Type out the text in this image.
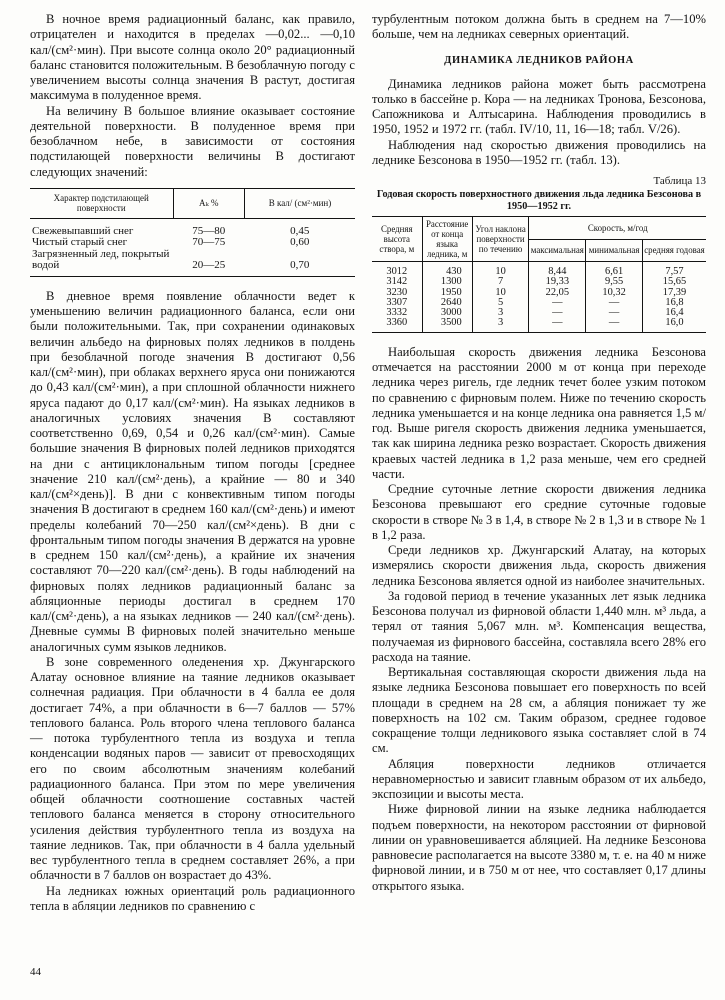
В ночное время радиационный баланс, как правило, отрицателен и находится в пределах —0,02... —0,10 кал/(см²·мин). При высоте солнца около 20° радиационный баланс становится положительным. В безоблачную погоду с увеличением высоты солнца значения B растут, достигая максимума в полуденное время.

На величину B большое влияние оказывает состояние деятельной поверхности. В полуденное время при безоблачном небе, в зависимости от состояния подстилающей поверхности величины B достигают следующих значений:

Характер подстилающей поверхности	Aₖ %	B кал/ (см²·мин)
Свежевыпавший снег	75—80	0,45
Чистый старый снег	70—75	0,60
Загрязненный лед, покрытый водой	20—25	0,70

В дневное время появление облачности ведет к уменьшению величин радиационного баланса, если они были положительными. Так, при сохранении одинаковых величин альбедо на фирновых полях ледников в полдень при безоблачной погоде значения B достигают 0,56 кал/(см²·мин), при облаках верхнего яруса они понижаются до 0,43 кал/(см²·мин), а при сплошной облачности нижнего яруса падают до 0,17 кал/(см²·мин). На языках ледников в аналогичных условиях значения B составляют соответственно 0,69, 0,54 и 0,26 кал/(см²·мин). Самые большие значения B фирновых полей ледников приходятся на дни с антициклональным типом погоды [среднее значение 210 кал/(см²·день), а крайние — 80 и 340 кал/(см²×день)]. В дни с конвективным типом погоды значения B достигают в среднем 160 кал/(см²·день) и имеют пределы колебаний 70—250 кал/(см²×день). В дни с фронтальным типом погоды значения B держатся на уровне в среднем 150 кал/(см²·день), а крайние их значения составляют 70—220 кал/(см²·день). В годы наблюдений на фирновых полях ледников радиационный баланс за абляционные периоды достигал в среднем 170 кал/(см²·день), а на языках ледников — 240 кал/(см²·день). Дневные суммы B фирновых полей значительно меньше аналогичных сумм языков ледников.

В зоне современного оледенения хр. Джунгарского Алатау основное влияние на таяние ледников оказывает солнечная радиация. При облачности в 4 балла ее доля достигает 74%, а при облачности в 6—7 баллов — 57% теплового баланса. Роль второго члена теплового баланса — потока турбулентного тепла из воздуха и тепла конденсации водяных паров — зависит от превосходящих его по своим абсолютным значениям колебаний радиационного баланса. При этом по мере увеличения общей облачности соотношение составных частей теплового баланса меняется в сторону относительного усиления действия турбулентного тепла из воздуха на таяние ледников. Так, при облачности в 4 балла удельный вес турбулентного тепла в среднем составляет 26%, а при облачности в 7 баллов он возрастает до 43%.

На ледниках южных ориентаций роль радиационного тепла в абляции ледников по сравнению с

турбулентным потоком должна быть в среднем на 7—10% больше, чем на ледниках северных ориентаций.

ДИНАМИКА ЛЕДНИКОВ РАЙОНА

Динамика ледников района может быть рассмотрена только в бассейне р. Кора — на ледниках Тронова, Безсонова, Сапожникова и Алтысарина. Наблюдения проводились в 1950, 1952 и 1972 гг. (табл. IV/10, 11, 16—18; табл. V/26).

Наблюдения над скоростью движения проводились на леднике Безсонова в 1950—1952 гг. (табл. 13).

Таблица 13
Годовая скорость поверхностного движения льда ледника Безсонова в 1950—1952 гг.
Средняя высота створа, м	Расстояние от конца языка ледника, м	Угол наклона поверхности по течению	Скорость, м/год		
			максимальная	минимальная	средняя годовая
3012	430	10	8,44	6,61	7,57
3142	1300	7	19,33	9,55	15,65
3230	1950	10	22,05	10,32	17,39
3307	2640	5	—	—	16,8
3332	3000	3	—	—	16,4
3360	3500	3	—	—	16,0

Наибольшая скорость движения ледника Безсонова отмечается на расстоянии 2000 м от конца при переходе ледника через ригель, где ледник течет более узким потоком по сравнению с фирновым полем. Ниже по течению скорость ледника уменьшается и на конце ледника она равняется 1,5 м/год. Выше ригеля скорость движения ледника уменьшается, так как ширина ледника резко возрастает. Скорость движения краевых частей ледника в 1,2 раза меньше, чем его средней части.

Средние суточные летние скорости движения ледника Безсонова превышают его средние суточные годовые скорости в створе № 3 в 1,4, в створе № 2 в 1,3 и в створе № 1 в 1,2 раза.

Среди ледников хр. Джунгарский Алатау, на которых измерялись скорости движения льда, скорость движения ледника Безсонова является одной из наиболее значительных.

За годовой период в течение указанных лет язык ледника Безсонова получал из фирновой области 1,440 млн. м³ льда, а терял от таяния 5,067 млн. м³. Компенсация вещества, получаемая из фирнового бассейна, составляла всего 28% его расхода на таяние.

Вертикальная составляющая скорости движения льда на языке ледника Безсонова повышает его поверхность по всей площади в среднем на 28 см, а абляция понижает ту же поверхность на 102 см. Таким образом, среднее годовое сокращение толщи ледникового языка составляет слой в 74 см.

Абляция поверхности ледников отличается неравномерностью и зависит главным образом от их альбедо, экспозиции и высоты места.

Ниже фирновой линии на языке ледника наблюдается подъем поверхности, на некотором расстоянии от фирновой линии он уравновешивается абляцией. На леднике Безсонова равновесие располагается на высоте 3380 м, т. е. на 40 м ниже фирновой линии, и в 750 м от нее, что составляет 0,17 длины открытого языка.

44
